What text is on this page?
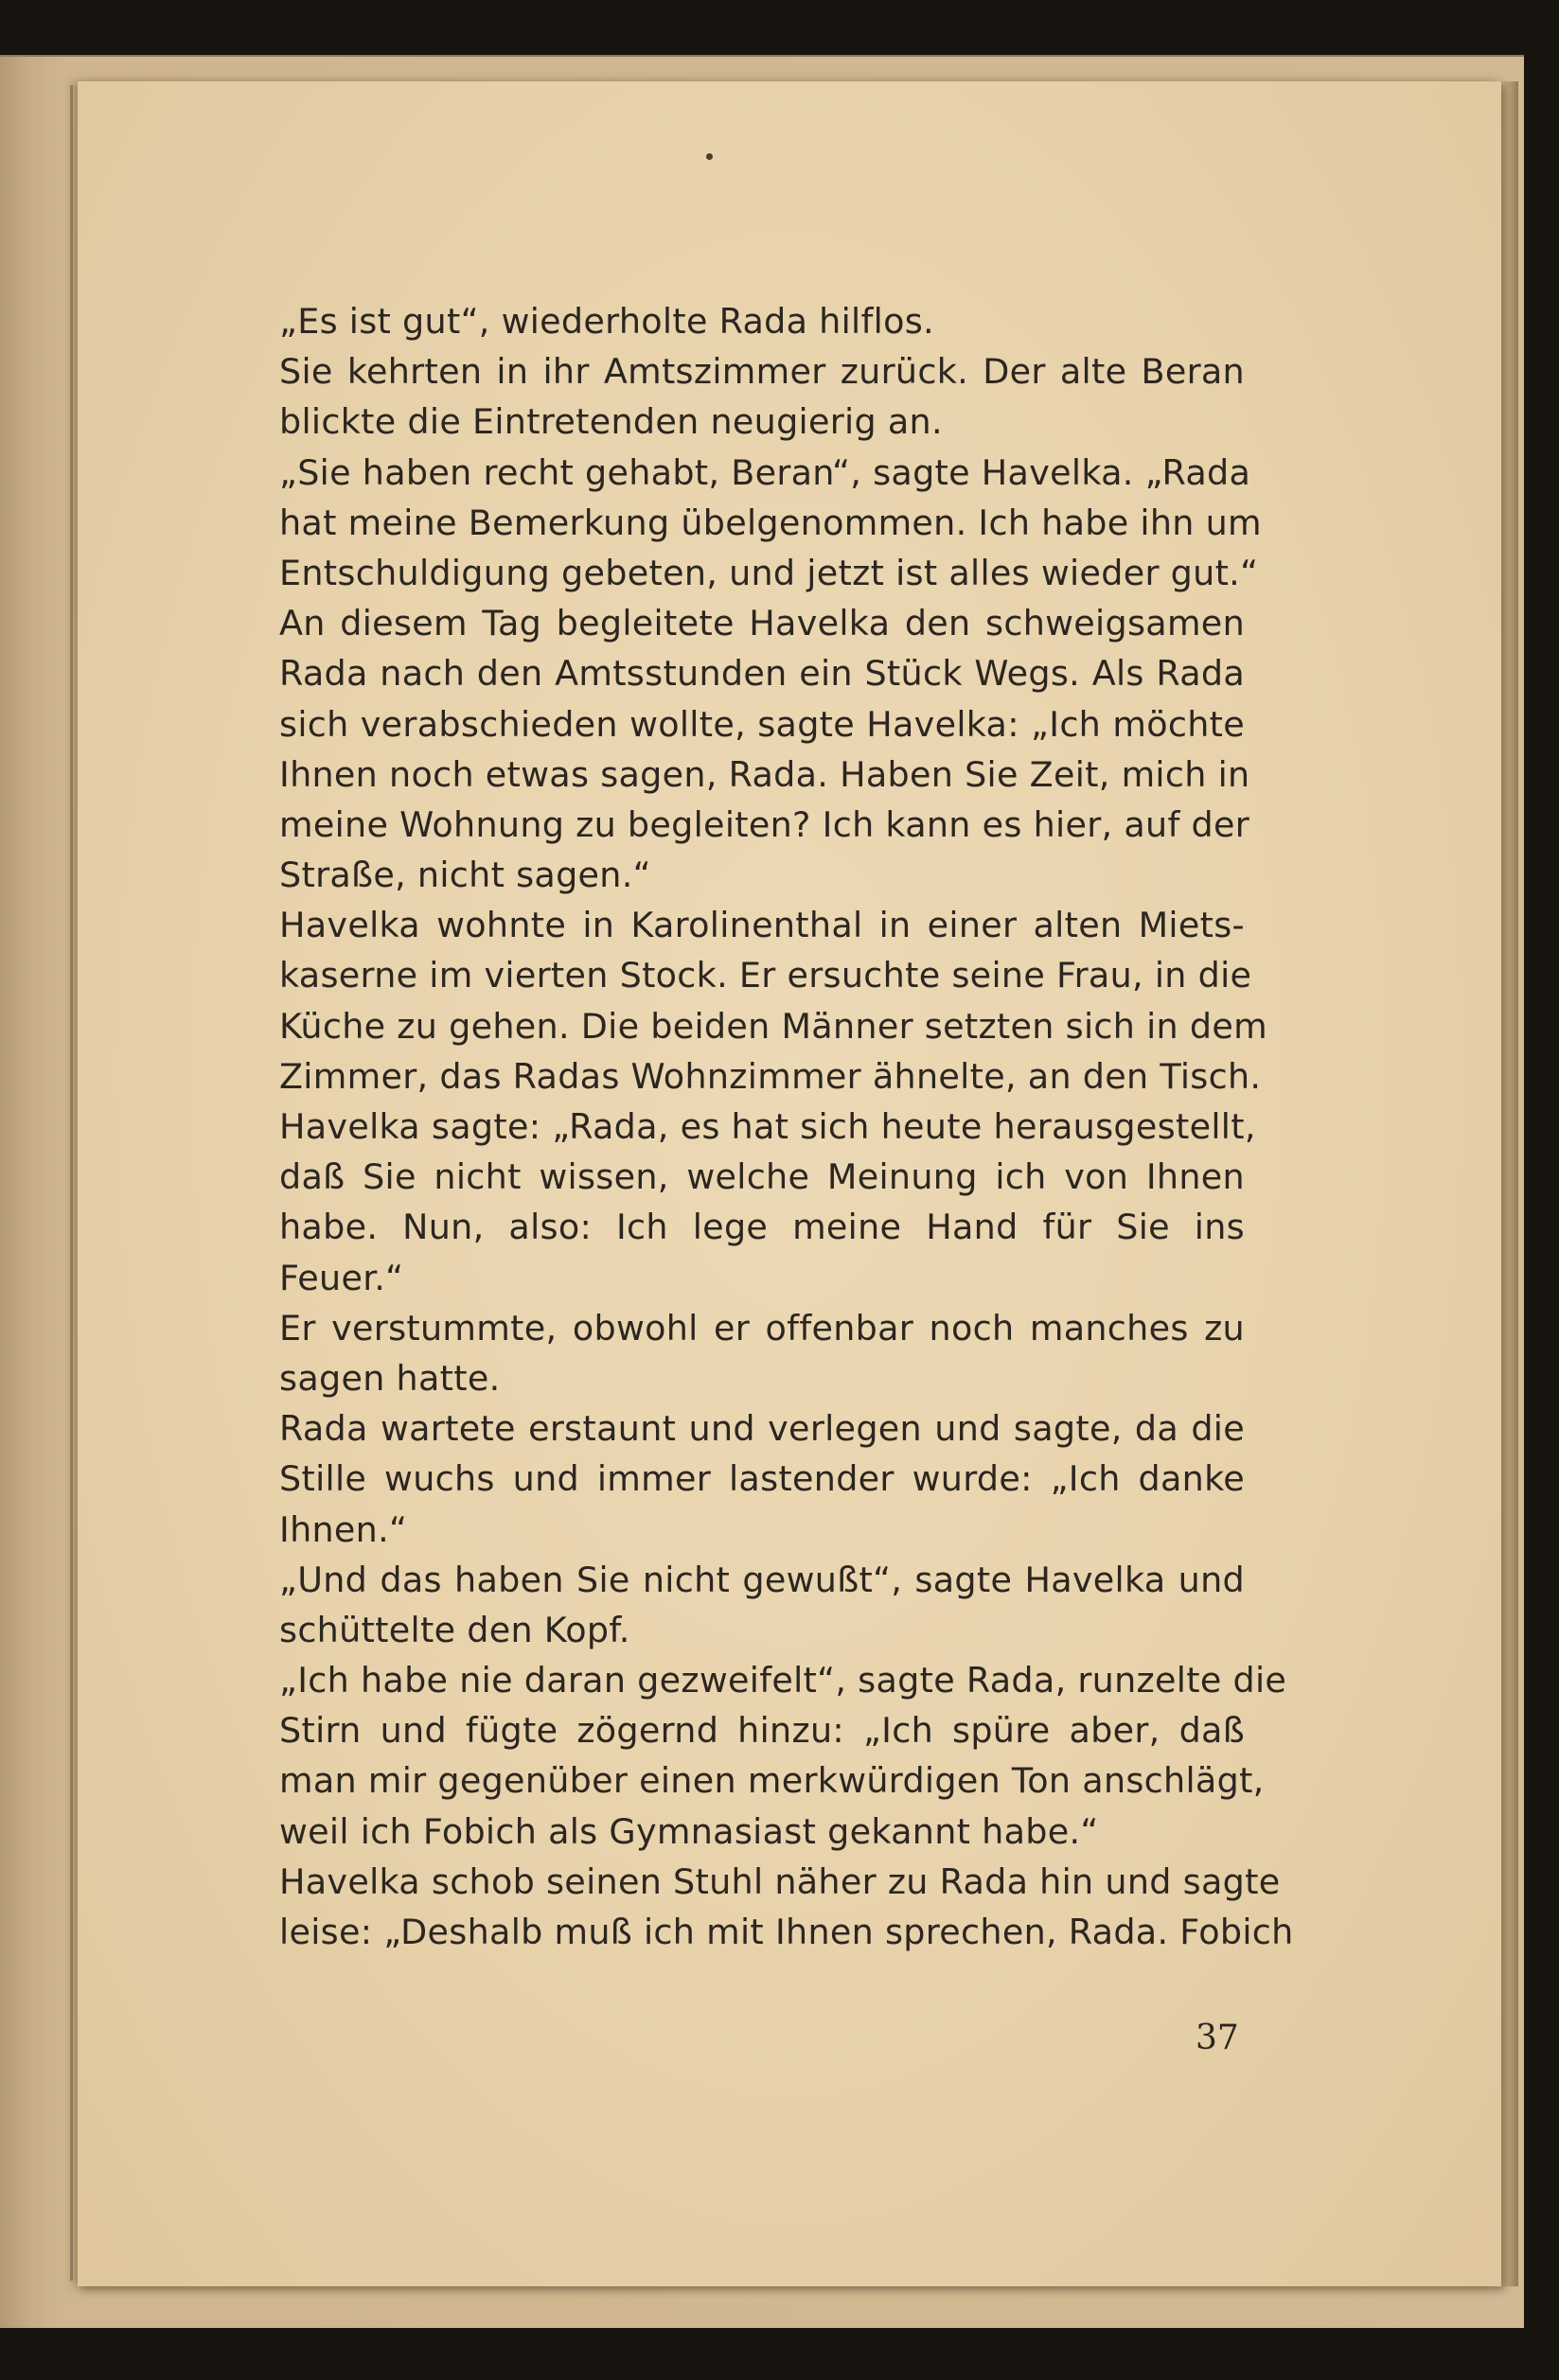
„Es ist gut“, wiederholte Rada hilflos.
Sie kehrten in ihr Amtszimmer zurück. Der alte Beran
blickte die Eintretenden neugierig an.
„Sie haben recht gehabt, Beran“, sagte Havelka. „Rada
hat meine Bemerkung übelgenommen. Ich habe ihn um
Entschuldigung gebeten, und jetzt ist alles wieder gut.“
An diesem Tag begleitete Havelka den schweigsamen
Rada nach den Amtsstunden ein Stück Wegs. Als Rada
sich verabschieden wollte, sagte Havelka: „Ich möchte
Ihnen noch etwas sagen, Rada. Haben Sie Zeit, mich in
meine Wohnung zu begleiten? Ich kann es hier, auf der
Straße, nicht sagen.“
Havelka wohnte in Karolinenthal in einer alten Miets-
kaserne im vierten Stock. Er ersuchte seine Frau, in die
Küche zu gehen. Die beiden Männer setzten sich in dem
Zimmer, das Radas Wohnzimmer ähnelte, an den Tisch.
Havelka sagte: „Rada, es hat sich heute herausgestellt,
daß Sie nicht wissen, welche Meinung ich von Ihnen
habe. Nun, also: Ich lege meine Hand für Sie ins
Feuer.“
Er verstummte, obwohl er offenbar noch manches zu
sagen hatte.
Rada wartete erstaunt und verlegen und sagte, da die
Stille wuchs und immer lastender wurde: „Ich danke
Ihnen.“
„Und das haben Sie nicht gewußt“, sagte Havelka und
schüttelte den Kopf.
„Ich habe nie daran gezweifelt“, sagte Rada, runzelte die
Stirn und fügte zögernd hinzu: „Ich spüre aber, daß
man mir gegenüber einen merkwürdigen Ton anschlägt,
weil ich Fobich als Gymnasiast gekannt habe.“
Havelka schob seinen Stuhl näher zu Rada hin und sagte
leise: „Deshalb muß ich mit Ihnen sprechen, Rada. Fobich
37
